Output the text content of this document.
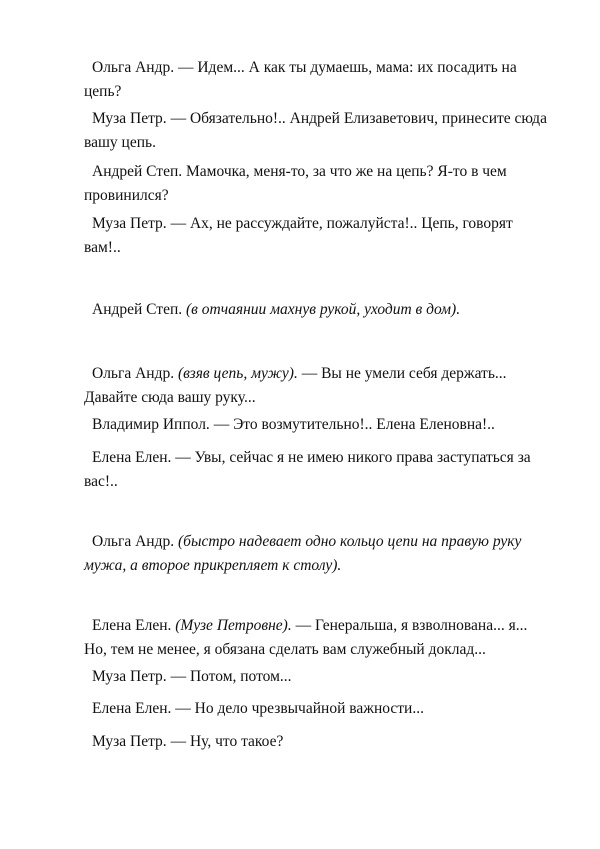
Ольга Андр. — Идем... А как ты думаешь, мама: их посадить на цепь?

Муза Петр. — Обязательно!.. Андрей Елизаветович, принесите сюда вашу цепь.

Андрей Степ. Мамочка, меня-то, за что же на цепь? Я-то в чем провинился?

Муза Петр. — Ах, не рассуждайте, пожалуйста!.. Цепь, говорят вам!..

Андрей Степ. (в отчаянии махнув рукой, уходит в дом).

Ольга Андр. (взяв цепь, мужу). — Вы не умели себя держать... Давайте сюда вашу руку...

Владимир Иппол. — Это возмутительно!.. Елена Еленовна!..

Елена Елен. — Увы, сейчас я не имею никого права заступаться за вас!..

Ольга Андр. (быстро надевает одно кольцо цепи на правую руку мужа, а второе прикрепляет к столу).

Елена Елен. (Музе Петровне). — Генеральша, я взволнована... я... Но, тем не менее, я обязана сделать вам служебный доклад...

Муза Петр. — Потом, потом...

Елена Елен. — Но дело чрезвычайной важности...

Муза Петр. — Ну, что такое?
